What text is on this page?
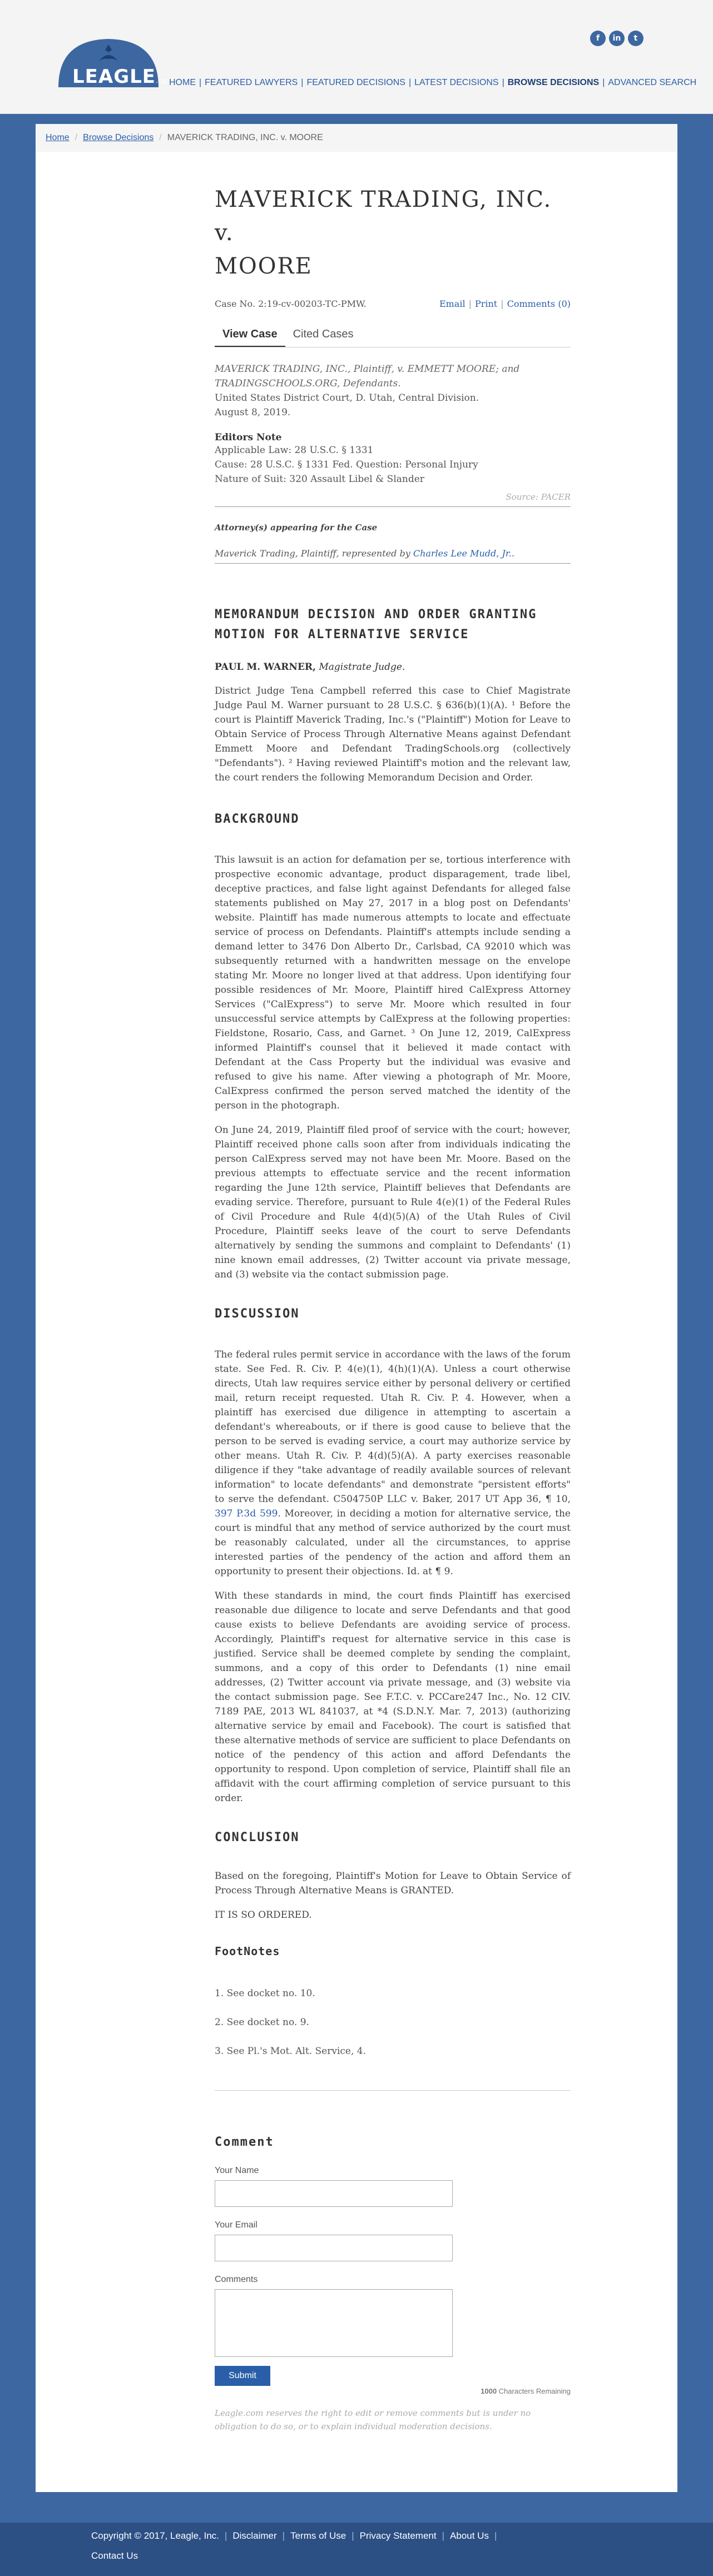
LEAGLE.com
HOME | FEATURED LAWYERS | FEATURED DECISIONS | LATEST DECISIONS | BROWSE DECISIONS | ADVANCED SEARCH
f	in	t
Home / Browse Decisions / MAVERICK TRADING, INC. v. MOORE
MAVERICK TRADING, INC. v.
MOORE
Case No. 2:19-cv-00203-TC-PMW.	Email | Print | Comments (0)
View Case	Cited Cases
MAVERICK TRADING, INC., Plaintiff, v. EMMETT MOORE; and TRADINGSCHOOLS.ORG, Defendants.

United States District Court, D. Utah, Central Division.

August 8, 2019.

Editors Note
Applicable Law: 28 U.S.C. § 1331
Cause: 28 U.S.C. § 1331 Fed. Question: Personal Injury
Nature of Suit: 320 Assault Libel & Slander
Source: PACER
Attorney(s) appearing for the Case

Maverick Trading, Plaintiff, represented by Charles Lee Mudd, Jr..

MEMORANDUM DECISION AND ORDER GRANTING MOTION FOR ALTERNATIVE SERVICE

PAUL M. WARNER, Magistrate Judge.

District Judge Tena Campbell referred this case to Chief Magistrate Judge Paul M. Warner pursuant to 28 U.S.C. § 636(b)(1)(A). ¹ Before the court is Plaintiff Maverick Trading, Inc.'s ("Plaintiff") Motion for Leave to Obtain Service of Process Through Alternative Means against Defendant Emmett Moore and Defendant TradingSchools.org (collectively "Defendants"). ² Having reviewed Plaintiff's motion and the relevant law, the court renders the following Memorandum Decision and Order.

BACKGROUND

This lawsuit is an action for defamation per se, tortious interference with prospective economic advantage, product disparagement, trade libel, deceptive practices, and false light against Defendants for alleged false statements published on May 27, 2017 in a blog post on Defendants' website. Plaintiff has made numerous attempts to locate and effectuate service of process on Defendants. Plaintiff's attempts include sending a demand letter to 3476 Don Alberto Dr., Carlsbad, CA 92010 which was subsequently returned with a handwritten message on the envelope stating Mr. Moore no longer lived at that address. Upon identifying four possible residences of Mr. Moore, Plaintiff hired CalExpress Attorney Services ("CalExpress") to serve Mr. Moore which resulted in four unsuccessful service attempts by CalExpress at the following properties: Fieldstone, Rosario, Cass, and Garnet. ³ On June 12, 2019, CalExpress informed Plaintiff's counsel that it believed it made contact with Defendant at the Cass Property but the individual was evasive and refused to give his name. After viewing a photograph of Mr. Moore, CalExpress confirmed the person served matched the identity of the person in the photograph.

On June 24, 2019, Plaintiff filed proof of service with the court; however, Plaintiff received phone calls soon after from individuals indicating the person CalExpress served may not have been Mr. Moore. Based on the previous attempts to effectuate service and the recent information regarding the June 12th service, Plaintiff believes that Defendants are evading service. Therefore, pursuant to Rule 4(e)(1) of the Federal Rules of Civil Procedure and Rule 4(d)(5)(A) of the Utah Rules of Civil Procedure, Plaintiff seeks leave of the court to serve Defendants alternatively by sending the summons and complaint to Defendants' (1) nine known email addresses, (2) Twitter account via private message, and (3) website via the contact submission page.

DISCUSSION

The federal rules permit service in accordance with the laws of the forum state. See Fed. R. Civ. P. 4(e)(1), 4(h)(1)(A). Unless a court otherwise directs, Utah law requires service either by personal delivery or certified mail, return receipt requested. Utah R. Civ. P. 4. However, when a plaintiff has exercised due diligence in attempting to ascertain a defendant's whereabouts, or if there is good cause to believe that the person to be served is evading service, a court may authorize service by other means. Utah R. Civ. P. 4(d)(5)(A). A party exercises reasonable diligence if they "take advantage of readily available sources of relevant information" to locate defendants" and demonstrate "persistent efforts" to serve the defendant. C504750P LLC v. Baker, 2017 UT App 36, ¶ 10, 397 P.3d 599. Moreover, in deciding a motion for alternative service, the court is mindful that any method of service authorized by the court must be reasonably calculated, under all the circumstances, to apprise interested parties of the pendency of the action and afford them an opportunity to present their objections. Id. at ¶ 9.

With these standards in mind, the court finds Plaintiff has exercised reasonable due diligence to locate and serve Defendants and that good cause exists to believe Defendants are avoiding service of process. Accordingly, Plaintiff's request for alternative service in this case is justified. Service shall be deemed complete by sending the complaint, summons, and a copy of this order to Defendants (1) nine email addresses, (2) Twitter account via private message, and (3) website via the contact submission page. See F.T.C. v. PCCare247 Inc., No. 12 CIV. 7189 PAE, 2013 WL 841037, at *4 (S.D.N.Y. Mar. 7, 2013) (authorizing alternative service by email and Facebook). The court is satisfied that these alternative methods of service are sufficient to place Defendants on notice of the pendency of this action and afford Defendants the opportunity to respond. Upon completion of service, Plaintiff shall file an affidavit with the court affirming completion of service pursuant to this order.

CONCLUSION

Based on the foregoing, Plaintiff's Motion for Leave to Obtain Service of Process Through Alternative Means is GRANTED.

IT IS SO ORDERED.

FootNotes

1. See docket no. 10.

2. See docket no. 9.

3. See Pl.'s Mot. Alt. Service, 4.

Comment
Your Name
Your Email
Comments
Submit
1000 Characters Remaining
Leagle.com reserves the right to edit or remove comments but is under no obligation to do so, or to explain individual moderation decisions.
Copyright © 2017, Leagle, Inc. | Disclaimer | Terms of Use | Privacy Statement | About Us |
Contact Us
